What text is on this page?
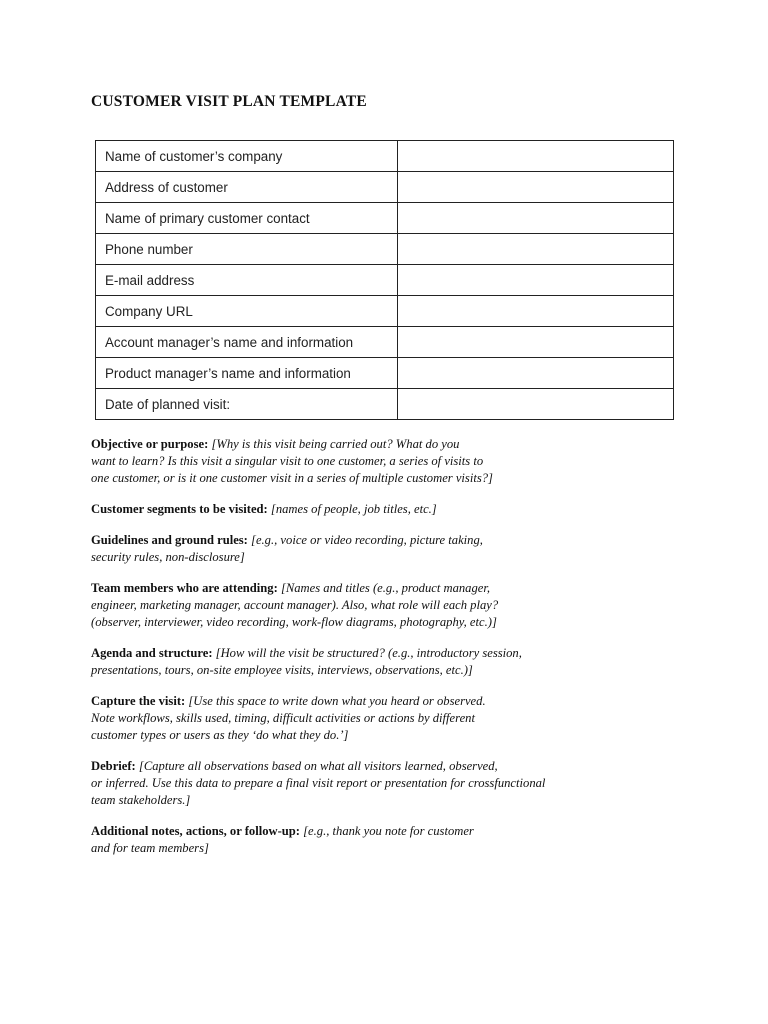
CUSTOMER VISIT PLAN TEMPLATE
Name of customer’s company	
Address of customer	
Name of primary customer contact	
Phone number	
E-mail address	
Company URL	
Account manager’s name and information	
Product manager’s name and information	
Date of planned visit:	
Objective or purpose: [Why is this visit being carried out? What do you
want to learn? Is this visit a singular visit to one customer, a series of visits to
one customer, or is it one customer visit in a series of multiple customer visits?]
Customer segments to be visited: [names of people, job titles, etc.]
Guidelines and ground rules: [e.g., voice or video recording, picture taking,
security rules, non-disclosure]
Team members who are attending: [Names and titles (e.g., product manager,
engineer, marketing manager, account manager). Also, what role will each play?
(observer, interviewer, video recording, work-flow diagrams, photography, etc.)]
Agenda and structure: [How will the visit be structured? (e.g., introductory session,
presentations, tours, on-site employee visits, interviews, observations, etc.)]
Capture the visit: [Use this space to write down what you heard or observed.
Note workflows, skills used, timing, difficult activities or actions by different
customer types or users as they ‘do what they do.’]
Debrief: [Capture all observations based on what all visitors learned, observed,
or inferred. Use this data to prepare a final visit report or presentation for crossfunctional
team stakeholders.]
Additional notes, actions, or follow-up: [e.g., thank you note for customer
and for team members]
